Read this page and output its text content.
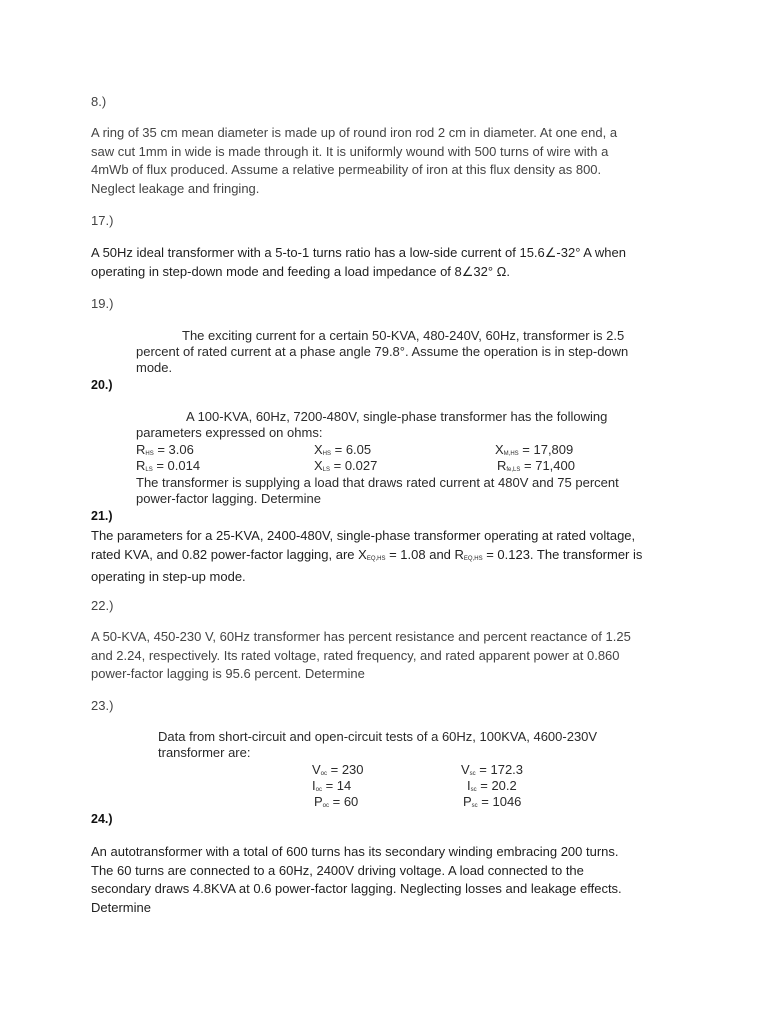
8.)
A ring of 35 cm mean diameter is made up of round iron rod 2 cm in diameter. At one end, a
saw cut 1mm in wide is made through it. It is uniformly wound with 500 turns of wire with a
4mWb of flux produced. Assume a relative permeability of iron at this flux density as 800.
Neglect leakage and fringing.
17.)
A 50Hz ideal transformer with a 5-to-1 turns ratio has a low-side current of 15.6∠-32° A when
operating in step-down mode and feeding a load impedance of 8∠32° Ω.
19.)
The exciting current for a certain 50-KVA, 480-240V, 60Hz, transformer is 2.5
percent of rated current at a phase angle 79.8°. Assume the operation is in step-down
mode.
20.)
A 100-KVA, 60Hz, 7200-480V, single-phase transformer has the following
parameters expressed on ohms:
$R_{HS} = 3.06$	$X_{HS} = 6.05$	$X_{M,HS} = 17,809$
$R_{LS} = 0.014$	$X_{LS} = 0.027$	$R_{fe,LS} = 71,400$
The transformer is supplying a load that draws rated current at 480V and 75 percent
power-factor lagging. Determine
21.)
The parameters for a 25-KVA, 2400-480V, single-phase transformer operating at rated voltage,
rated KVA, and 0.82 power-factor lagging, are $X_{EQ,HS} = 1.08$ and $R_{EQ,HS} = 0.123$. The transformer is
operating in step-up mode.
22.)
A 50-KVA, 450-230 V, 60Hz transformer has percent resistance and percent reactance of 1.25
and 2.24, respectively. Its rated voltage, rated frequency, and rated apparent power at 0.860
power-factor lagging is 95.6 percent. Determine
23.)
Data from short-circuit and open-circuit tests of a 60Hz, 100KVA, 4600-230V
transformer are:
$V_{oc} = 230$	$V_{sc} = 172.3$
$I_{oc} = 14$	$I_{sc} = 20.2$
$P_{oc} = 60$	$P_{sc} = 1046$
24.)
An autotransformer with a total of 600 turns has its secondary winding embracing 200 turns.
The 60 turns are connected to a 60Hz, 2400V driving voltage. A load connected to the
secondary draws 4.8KVA at 0.6 power-factor lagging. Neglecting losses and leakage effects.
Determine
